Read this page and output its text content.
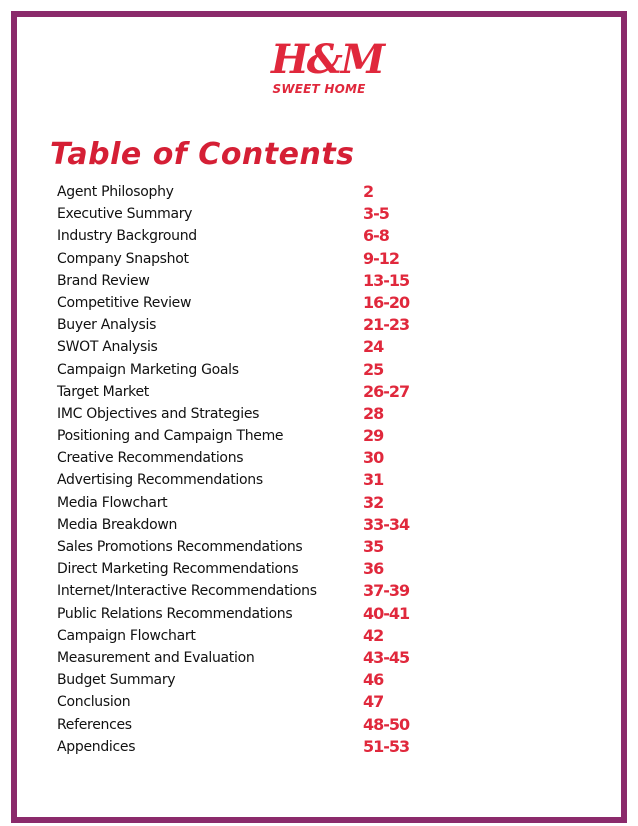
H&M
SWEET HOME
Table of Contents
Agent Philosophy	2
Executive Summary	3-5
Industry Background	6-8
Company Snapshot	9-12
Brand Review	13-15
Competitive Review	16-20
Buyer Analysis	21-23
SWOT Analysis	24
Campaign Marketing Goals	25
Target Market	26-27
IMC Objectives and Strategies	28
Positioning and Campaign Theme	29
Creative Recommendations	30
Advertising Recommendations	31
Media Flowchart	32
Media Breakdown	33-34
Sales Promotions Recommendations	35
Direct Marketing Recommendations	36
Internet/Interactive Recommendations	37-39
Public Relations Recommendations	40-41
Campaign Flowchart	42
Measurement and Evaluation	43-45
Budget Summary	46
Conclusion	47
References	48-50
Appendices	51-53
